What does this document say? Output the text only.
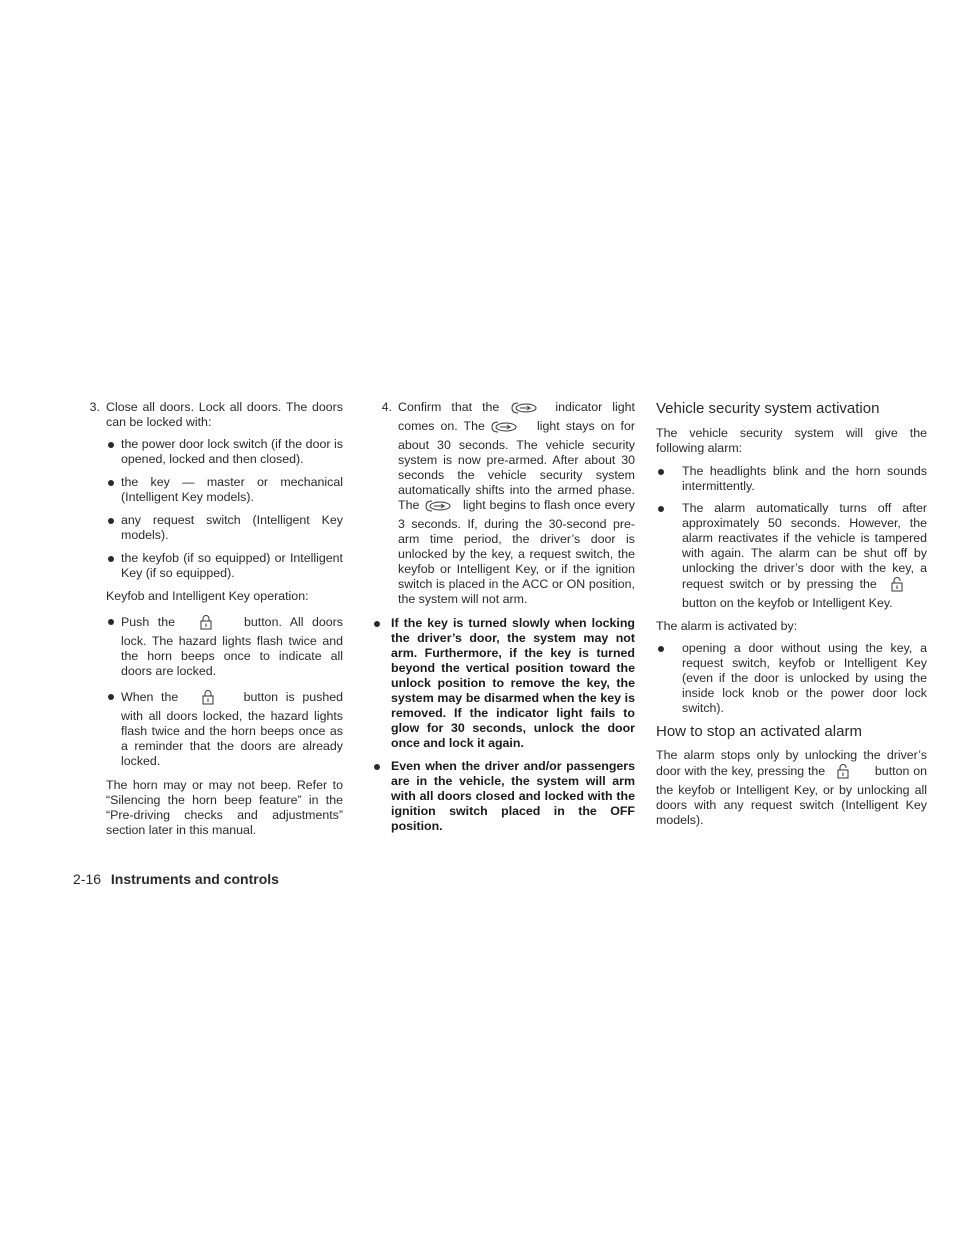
3. Close all doors. Lock all doors. The doors can be locked with:

the power door lock switch (if the door is opened, locked and then closed).
the key — master or mechanical (Intelligent Key models).
any request switch (Intelligent Key models).
the keyfob (if so equipped) or Intelligent Key (if so equipped).

Keyfob and Intelligent Key operation:

Push the	button. All doors lock. The hazard lights flash twice and the horn beeps once to indicate all doors are locked.
When the	button is pushed with all doors locked, the hazard lights flash twice and the horn beeps once as a reminder that the doors are already locked.

The horn may or may not beep. Refer to “Silencing the horn beep feature” in the “Pre-driving checks and adjustments” section later in this manual.

4. Confirm that the	indicator light comes on. The	light stays on for about 30 seconds. The vehicle security system is now pre-armed. After about 30 seconds the vehicle security system automatically shifts into the armed phase. The	light begins to flash once every 3 seconds. If, during the 30-second pre-arm time period, the driver’s door is unlocked by the key, a request switch, the keyfob or Intelligent Key, or if the ignition switch is placed in the ACC or ON position, the system will not arm.

If the key is turned slowly when locking the driver’s door, the system may not arm. Furthermore, if the key is turned beyond the vertical position toward the unlock position to remove the key, the system may be disarmed when the key is removed. If the indicator light fails to glow for 30 seconds, unlock the door once and lock it again.
Even when the driver and/or passengers are in the vehicle, the system will arm with all doors closed and locked with the ignition switch placed in the OFF position.
Vehicle security system activation

The vehicle security system will give the following alarm:

The headlights blink and the horn sounds intermittently.
The alarm automatically turns off after approximately 50 seconds. However, the alarm reactivates if the vehicle is tampered with again. The alarm can be shut off by unlocking the driver’s door with the key, a request switch or by pressing the  button on the keyfob or Intelligent Key.

The alarm is activated by:

opening a door without using the key, a request switch, keyfob or Intelligent Key (even if the door is unlocked by using the inside lock knob or the power door lock switch).
How to stop an activated alarm

The alarm stops only by unlocking the driver’s door with the key, pressing the	button on the keyfob or Intelligent Key, or by unlocking all doors with any request switch (Intelligent Key models).

2-16 Instruments and controls
